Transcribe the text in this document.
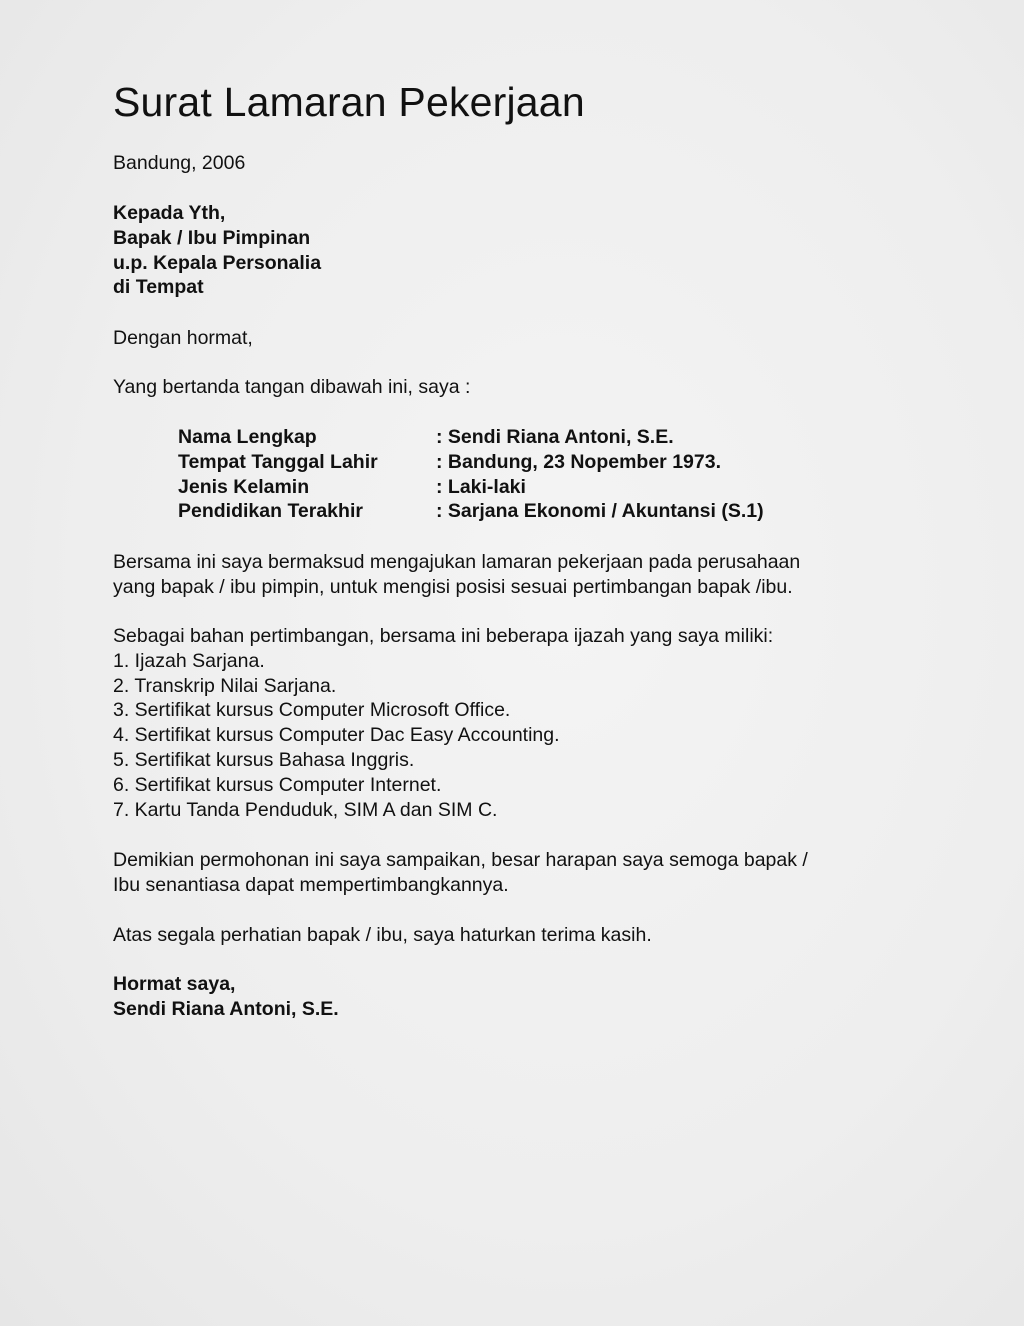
Surat Lamaran Pekerjaan
Bandung, 2006
Kepada Yth,
Bapak / Ibu Pimpinan
u.p. Kepala Personalia
di Tempat
Dengan hormat,
Yang bertanda tangan dibawah ini, saya :
Nama Lengkap	: Sendi Riana Antoni, S.E.
Tempat Tanggal Lahir	: Bandung, 23 Nopember 1973.
Jenis Kelamin	: Laki-laki
Pendidikan Terakhir	: Sarjana Ekonomi / Akuntansi (S.1)
Bersama ini saya bermaksud mengajukan lamaran pekerjaan pada perusahaan
yang bapak / ibu pimpin, untuk mengisi posisi sesuai pertimbangan bapak /ibu.
Sebagai bahan pertimbangan, bersama ini beberapa ijazah yang saya miliki:
1. Ijazah Sarjana.
2. Transkrip Nilai Sarjana.
3. Sertifikat kursus Computer Microsoft Office.
4. Sertifikat kursus Computer Dac Easy Accounting.
5. Sertifikat kursus Bahasa Inggris.
6. Sertifikat kursus Computer Internet.
7. Kartu Tanda Penduduk, SIM A dan SIM C.
Demikian permohonan ini saya sampaikan, besar harapan saya semoga bapak /
Ibu senantiasa dapat mempertimbangkannya.
Atas segala perhatian bapak / ibu, saya haturkan terima kasih.
Hormat saya,
Sendi Riana Antoni, S.E.
